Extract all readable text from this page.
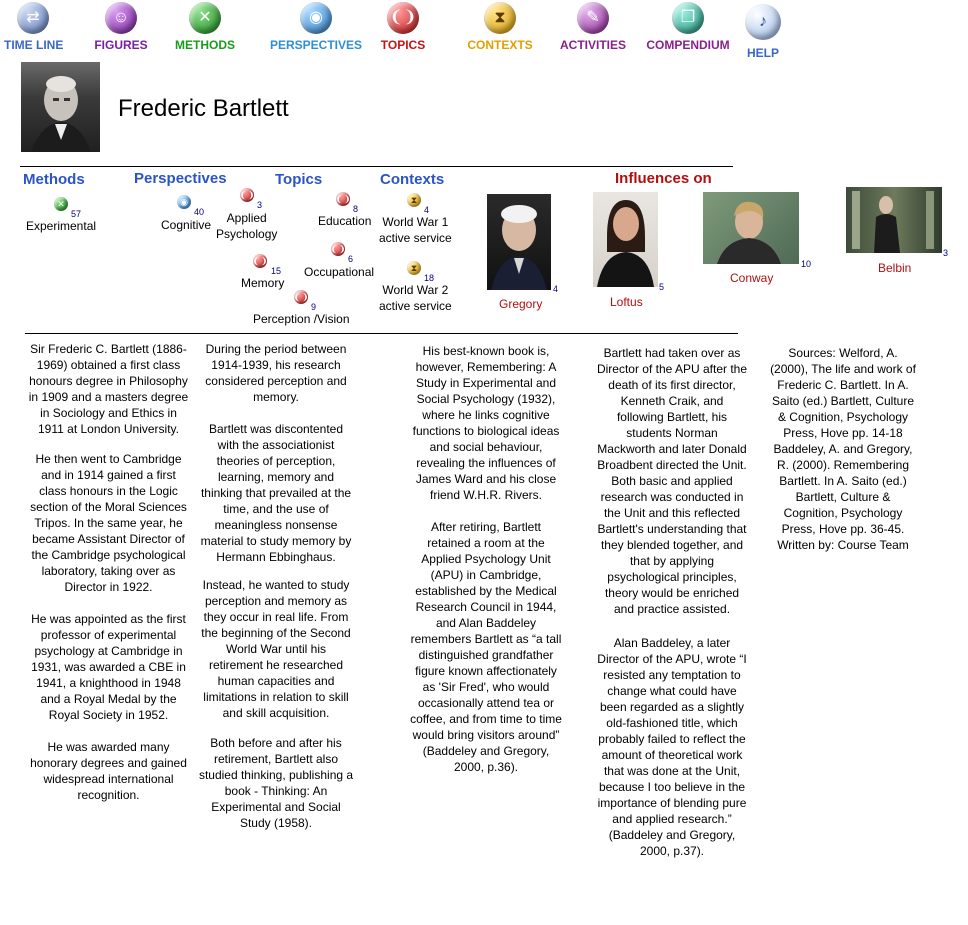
⇄
TIME LINE
☺
FIGURES
✕
METHODS
◉
PERSPECTIVES
❨❩
TOPICS
⧗
CONTEXTS
✎
ACTIVITIES
❐
COMPENDIUM
♪
HELP
Frederic Bartlett
Methods	Perspectives	Topics	Contexts	Influences on
✕
57
Experimental
◉
40
Cognitive
❨❩
3
Applied
Psychology
❨❩
8
Education
❨❩
15
Memory
❨❩
6
Occupational
❨❩
9
Perception /Vision
⧗
4
World War 1
active service
⧗
18
World War 2
active service
4
Gregory
5
Loftus
10
Conway
3
Belbin

Sir Frederic C. Bartlett (1886-1969) obtained a first class honours degree in Philosophy in 1909 and a masters degree in Sociology and Ethics in 1911 at London University.

He then went to Cambridge and in 1914 gained a first class honours in the Logic section of the Moral Sciences Tripos. In the same year, he became Assistant Director of the Cambridge psychological laboratory, taking over as Director in 1922.

He was appointed as the first professor of experimental psychology at Cambridge in 1931, was awarded a CBE in 1941, a knighthood in 1948 and a Royal Medal by the Royal Society in 1952.

He was awarded many honorary degrees and gained widespread international recognition.

During the period between 1914-1939, his research considered perception and memory.

Bartlett was discontented with the associationist theories of perception, learning, memory and thinking that prevailed at the time, and the use of meaningless nonsense material to study memory by Hermann Ebbinghaus.

Instead, he wanted to study perception and memory as they occur in real life. From the beginning of the Second World War until his retirement he researched human capacities and limitations in relation to skill and skill acquisition.

Both before and after his retirement, Bartlett also studied thinking, publishing a book - Thinking: An Experimental and Social Study (1958).

His best-known book is, however, Remembering: A Study in Experimental and Social Psychology (1932), where he links cognitive functions to biological ideas and social behaviour, revealing the influences of James Ward and his close friend W.H.R. Rivers.

After retiring, Bartlett retained a room at the Applied Psychology Unit (APU) in Cambridge, established by the Medical Research Council in 1944, and Alan Baddeley remembers Bartlett as “a tall distinguished grandfather figure known affectionately as 'Sir Fred', who would occasionally attend tea or coffee, and from time to time would bring visitors around” (Baddeley and Gregory, 2000, p.36).

Bartlett had taken over as Director of the APU after the death of its first director, Kenneth Craik, and following Bartlett, his students Norman Mackworth and later Donald Broadbent directed the Unit. Both basic and applied research was conducted in the Unit and this reflected Bartlett's understanding that they blended together, and that by applying psychological principles, theory would be enriched and practice assisted.

Alan Baddeley, a later Director of the APU, wrote “I resisted any temptation to change what could have been regarded as a slightly old-fashioned title, which probably failed to reflect the amount of theoretical work that was done at the Unit, because I too believe in the importance of blending pure and applied research.” (Baddeley and Gregory, 2000, p.37).

Sources: Welford, A. (2000), The life and work of Frederic C. Bartlett. In A. Saito (ed.) Bartlett, Culture & Cognition, Psychology Press, Hove pp. 14-18 Baddeley, A. and Gregory, R. (2000). Remembering Bartlett. In A. Saito (ed.) Bartlett, Culture & Cognition, Psychology Press, Hove pp. 36-45. Written by: Course Team
